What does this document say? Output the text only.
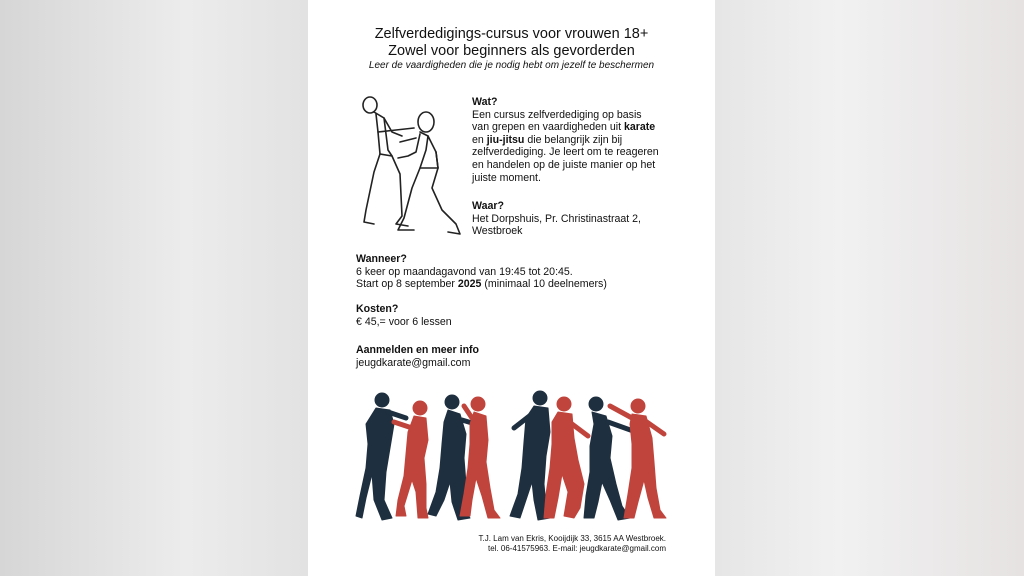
Zelfverdedigings-cursus voor vrouwen 18+
Zowel voor beginners als gevorderden
Leer de vaardigheden die je nodig hebt om jezelf te beschermen
Wat?
Een cursus zelfverdediging op basis
van grepen en vaardigheden uit karate
en jiu-jitsu die belangrijk zijn bij
zelfverdediging. Je leert om te reageren
en handelen op de juiste manier op het
juiste moment.
Waar?
Het Dorpshuis, Pr. Christinastraat 2,
Westbroek
Wanneer?
6 keer op maandagavond van 19:45 tot 20:45.
Start op 8 september 2025 (minimaal 10 deelnemers)
Kosten?
€ 45,= voor 6 lessen
Aanmelden en meer info
jeugdkarate@gmail.com
T.J. Lam van Ekris, Kooijdijk 33, 3615 AA Westbroek.
tel. 06-41575963. E-mail: jeugdkarate@gmail.com
